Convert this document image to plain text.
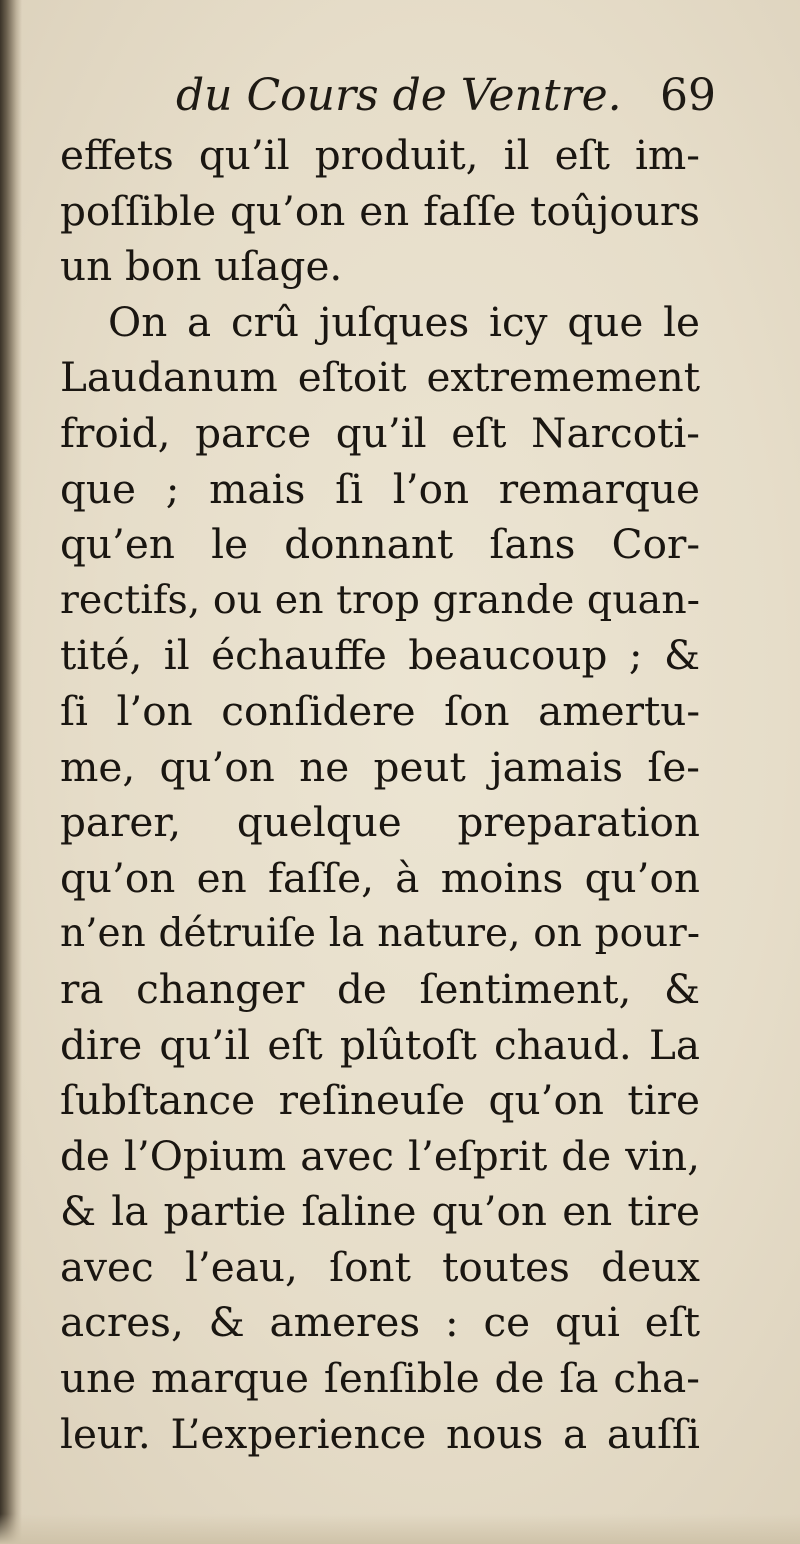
du Cours de Ventre. 69
effets qu’il produit, il eſt im-
poſſible qu’on en faſſe toûjours
un bon uſage.
On a crû juſques icy que le
Laudanum eſtoit extremement
froid, parce qu’il eſt Narcoti-
que ; mais ſi l’on remarque
qu’en le donnant ſans Cor-
rectifs, ou en trop grande quan-
tité, il échauffe beaucoup ; &
ſi l’on conſidere ſon amertu-
me, qu’on ne peut jamais ſe-
parer, quelque preparation
qu’on en faſſe, à moins qu’on
n’en détruiſe la nature, on pour-
ra changer de ſentiment, &
dire qu’il eſt plûtoſt chaud. La
ſubſtance reſineuſe qu’on tire
de l’Opium avec l’eſprit de vin,
& la partie ſaline qu’on en tire
avec l’eau, ſont toutes deux
acres, & ameres : ce qui eſt
une marque ſenſible de ſa cha-
leur. L’experience nous a auſſi
